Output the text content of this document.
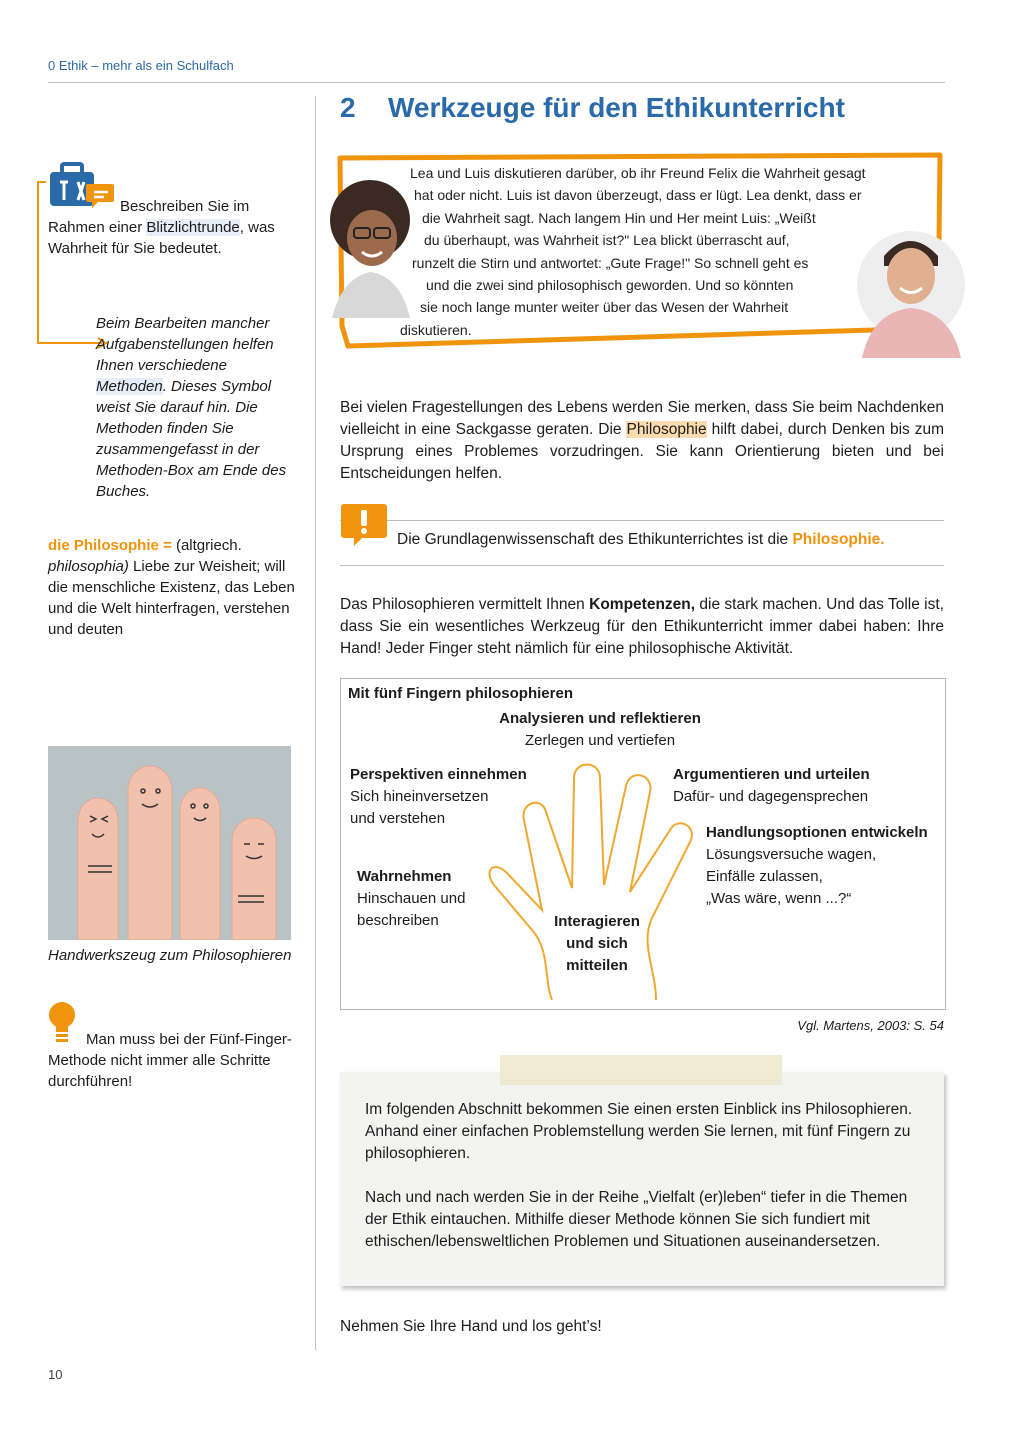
0 Ethik – mehr als ein Schulfach
2 Werkzeuge für den Ethikunterricht
Beschreiben Sie im Rahmen einer Blitzlichtrunde, was Wahrheit für Sie bedeutet.
Beim Bearbeiten mancher Aufgabenstellungen helfen Ihnen verschiedene Methoden. Dieses Symbol weist Sie darauf hin. Die Methoden finden Sie zusammengefasst in der Methoden-Box am Ende des Buches.
die Philosophie = (altgriech. philosophia) Liebe zur Weisheit; will die menschliche Existenz, das Leben und die Welt hinterfragen, verstehen und deuten
Handwerkszeug zum Philosophieren
Man muss bei der Fünf-Finger-Methode nicht immer alle Schritte durchführen!
Lea und Luis diskutieren darüber, ob ihr Freund Felix die Wahrheit gesagt
hat oder nicht. Luis ist davon überzeugt, dass er lügt. Lea denkt, dass er
die Wahrheit sagt. Nach langem Hin und Her meint Luis: „Weißt
du überhaupt, was Wahrheit ist?" Lea blickt überrascht auf,
runzelt die Stirn und antwortet: „Gute Frage!" So schnell geht es
und die zwei sind philosophisch geworden. Und so könnten
sie noch lange munter weiter über das Wesen der Wahrheit
diskutieren.
Bei vielen Fragestellungen des Lebens werden Sie merken, dass Sie beim Nachdenken vielleicht in eine Sackgasse geraten. Die Philosophie hilft dabei, durch Denken bis zum Ursprung eines Problemes vorzudringen. Sie kann Orientierung bieten und bei Entscheidungen helfen.
Die Grundlagenwissenschaft des Ethikunterrichtes ist die Philosophie.
Das Philosophieren vermittelt Ihnen Kompetenzen, die stark machen. Und das Tolle ist, dass Sie ein wesentliches Werkzeug für den Ethikunterricht immer dabei haben: Ihre Hand! Jeder Finger steht nämlich für eine philosophische Aktivität.
Mit fünf Fingern philosophieren
Analysieren und reflektieren
Zerlegen und vertiefen
Perspektiven einnehmen
Sich hineinversetzen
und verstehen
Argumentieren und urteilen
Dafür- und dagegensprechen
Handlungsoptionen entwickeln
Lösungsversuche wagen,
Einfälle zulassen,
„Was wäre, wenn ...?“
Wahrnehmen
Hinschauen und
beschreiben	Interagieren
und sich
mitteilen
Vgl. Martens, 2003: S. 54
Im folgenden Abschnitt bekommen Sie einen ersten Einblick ins Philosophieren. Anhand einer einfachen Problemstellung werden Sie lernen, mit fünf Fingern zu philosophieren.
Nach und nach werden Sie in der Reihe „Vielfalt (er)leben“ tiefer in die Themen der Ethik eintauchen. Mithilfe dieser Methode können Sie sich fundiert mit ethischen/lebensweltlichen Problemen und Situationen auseinandersetzen.
Nehmen Sie Ihre Hand und los geht’s!
10
